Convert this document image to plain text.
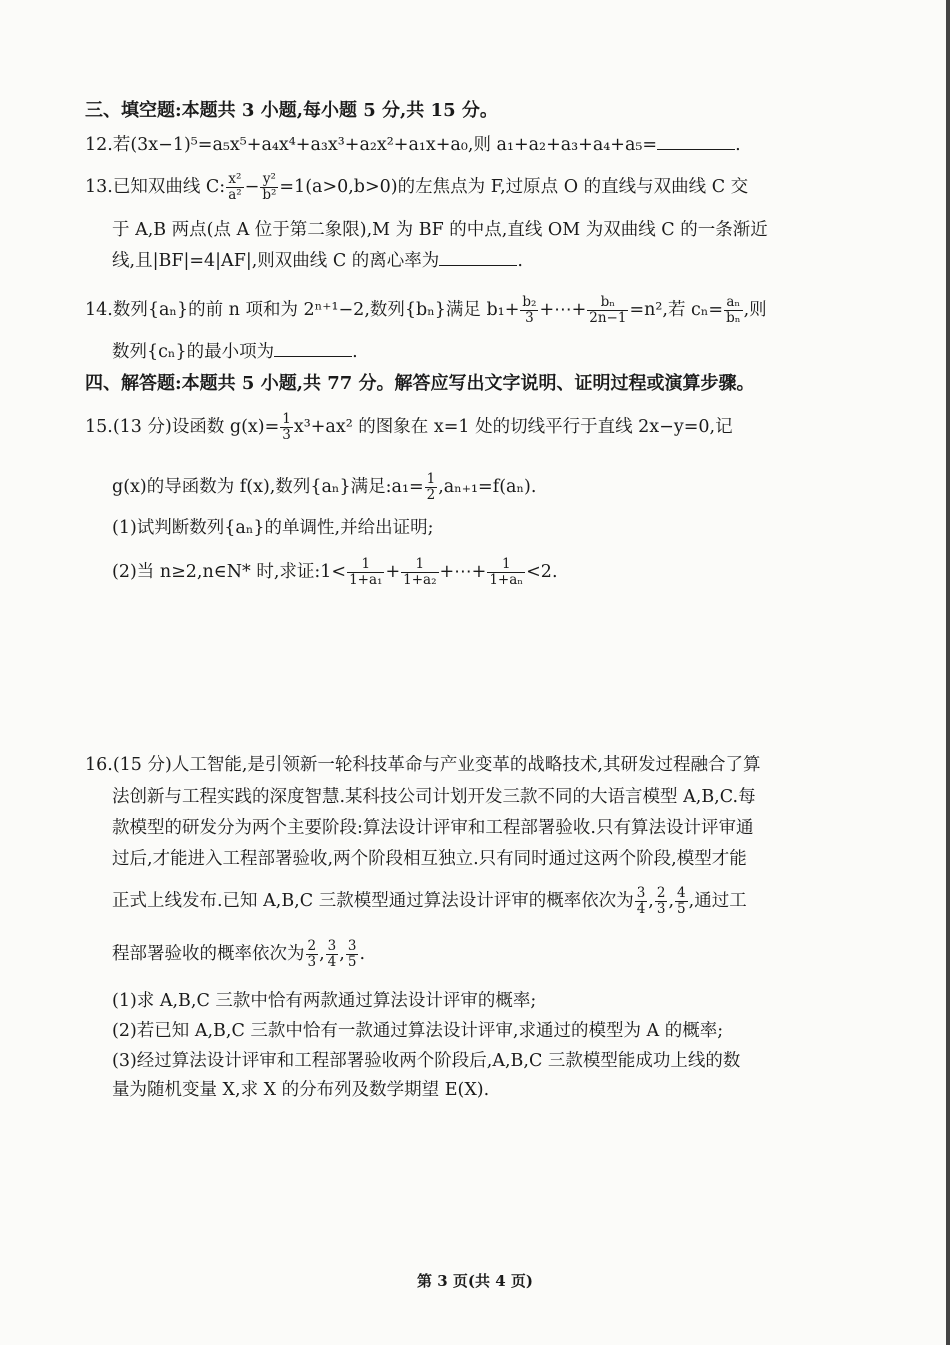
三、填空题:本题共 3 小题,每小题 5 分,共 15 分。
12.若(3x−1)⁵=a₅x⁵+a₄x⁴+a₃x³+a₂x²+a₁x+a₀,则 a₁+a₂+a₃+a₄+a₅=	.
13.已知双曲线 C: $\frac{\text{x²}}{\text{a²}} - \frac{\text{y²}}{\text{b²}} =1(a>0,b>0)$的左焦点为 F,过原点 O 的直线与双曲线 C 交
于 A,B 两点(点 A 位于第二象限),M 为 BF 的中点,直线 OM 为双曲线 C 的一条渐近
线,且|BF|=4|AF|,则双曲线 C 的离心率为	.
14.数列{aₙ}的前 n 项和为 2ⁿ⁺¹−2,数列{bₙ}满足 $b_1+ \frac{\text{b₂}}{3}$ +⋯+ $\frac{\text{bₙ}}{2n-1} =n^2$,若 $c_n= \frac{\text{aₙ}}{\text{bₙ}}$ ,则
数列{cₙ}的最小项为	.
四、解答题:本题共 5 小题,共 77 分。解答应写出文字说明、证明过程或演算步骤。
15.(13 分)设函数 $g(x)= \frac{1}{3} x^3+ax^2$ 的图象在 x=1 处的切线平行于直线 2x−y=0,记
g(x)的导函数为 f(x),数列{aₙ}满足:a₁= $\frac{1}{2} ,a_{n+1}=f(a_n)$.
(1)试判断数列{aₙ}的单调性,并给出证明;
(2)当 n≥2,n∈N* 时,求证:1< $\frac{1}{\text{1+a₁}} + \frac{1}{\text{1+a₂}}$ +⋯+ $\frac{1}{\text{1+aₙ}} <2$.
16.(15 分)人工智能,是引领新一轮科技革命与产业变革的战略技术,其研发过程融合了算
法创新与工程实践的深度智慧.某科技公司计划开发三款不同的大语言模型 A,B,C.每
款模型的研发分为两个主要阶段:算法设计评审和工程部署验收.只有算法设计评审通
过后,才能进入工程部署验收,两个阶段相互独立.只有同时通过这两个阶段,模型才能
正式上线发布.已知 A,B,C 三款模型通过算法设计评审的概率依次为 $\frac{3}{4}$ , $\frac{2}{3}$ , $\frac{4}{5}$ ,通过工
程部署验收的概率依次为 $\frac{2}{3}$ , $\frac{3}{4}$ , $\frac{3}{5}$ .
(1)求 A,B,C 三款中恰有两款通过算法设计评审的概率;
(2)若已知 A,B,C 三款中恰有一款通过算法设计评审,求通过的模型为 A 的概率;
(3)经过算法设计评审和工程部署验收两个阶段后,A,B,C 三款模型能成功上线的数
量为随机变量 X,求 X 的分布列及数学期望 E(X).
第 3 页(共 4 页)
